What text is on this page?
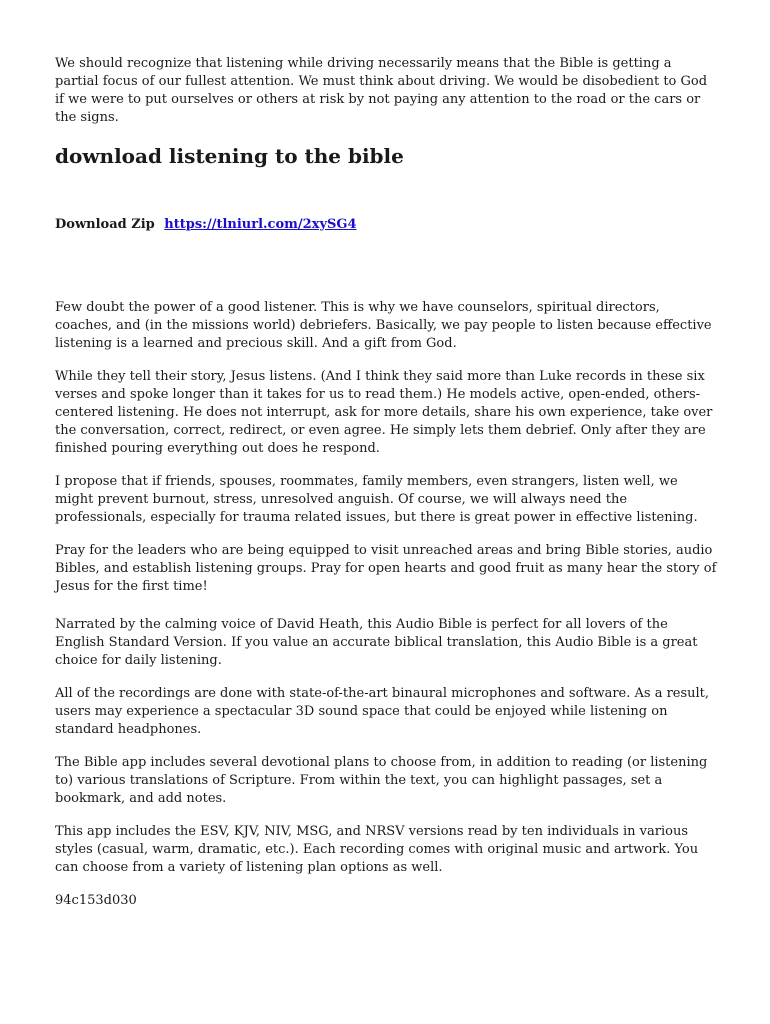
We should recognize that listening while driving necessarily means that the Bible is getting a partial focus of our fullest attention. We must think about driving. We would be disobedient to God if we were to put ourselves or others at risk by not paying any attention to the road or the cars or the signs.

download listening to the bible
Download Zip https://tlniurl.com/2xySG4

Few doubt the power of a good listener. This is why we have counselors, spiritual directors, coaches, and (in the missions world) debriefers. Basically, we pay people to listen because effective listening is a learned and precious skill. And a gift from God.

While they tell their story, Jesus listens. (And I think they said more than Luke records in these six verses and spoke longer than it takes for us to read them.) He models active, open-ended, others-centered listening. He does not interrupt, ask for more details, share his own experience, take over the conversation, correct, redirect, or even agree. He simply lets them debrief. Only after they are finished pouring everything out does he respond.

I propose that if friends, spouses, roommates, family members, even strangers, listen well, we might prevent burnout, stress, unresolved anguish. Of course, we will always need the professionals, especially for trauma related issues, but there is great power in effective listening.

Pray for the leaders who are being equipped to visit unreached areas and bring Bible stories, audio Bibles, and establish listening groups. Pray for open hearts and good fruit as many hear the story of Jesus for the first time!

Narrated by the calming voice of David Heath, this Audio Bible is perfect for all lovers of the English Standard Version. If you value an accurate biblical translation, this Audio Bible is a great choice for daily listening.

All of the recordings are done with state-of-the-art binaural microphones and software. As a result, users may experience a spectacular 3D sound space that could be enjoyed while listening on standard headphones.

The Bible app includes several devotional plans to choose from, in addition to reading (or listening to) various translations of Scripture. From within the text, you can highlight passages, set a bookmark, and add notes.

This app includes the ESV, KJV, NIV, MSG, and NRSV versions read by ten individuals in various styles (casual, warm, dramatic, etc.). Each recording comes with original music and artwork. You can choose from a variety of listening plan options as well.

94c153d030
